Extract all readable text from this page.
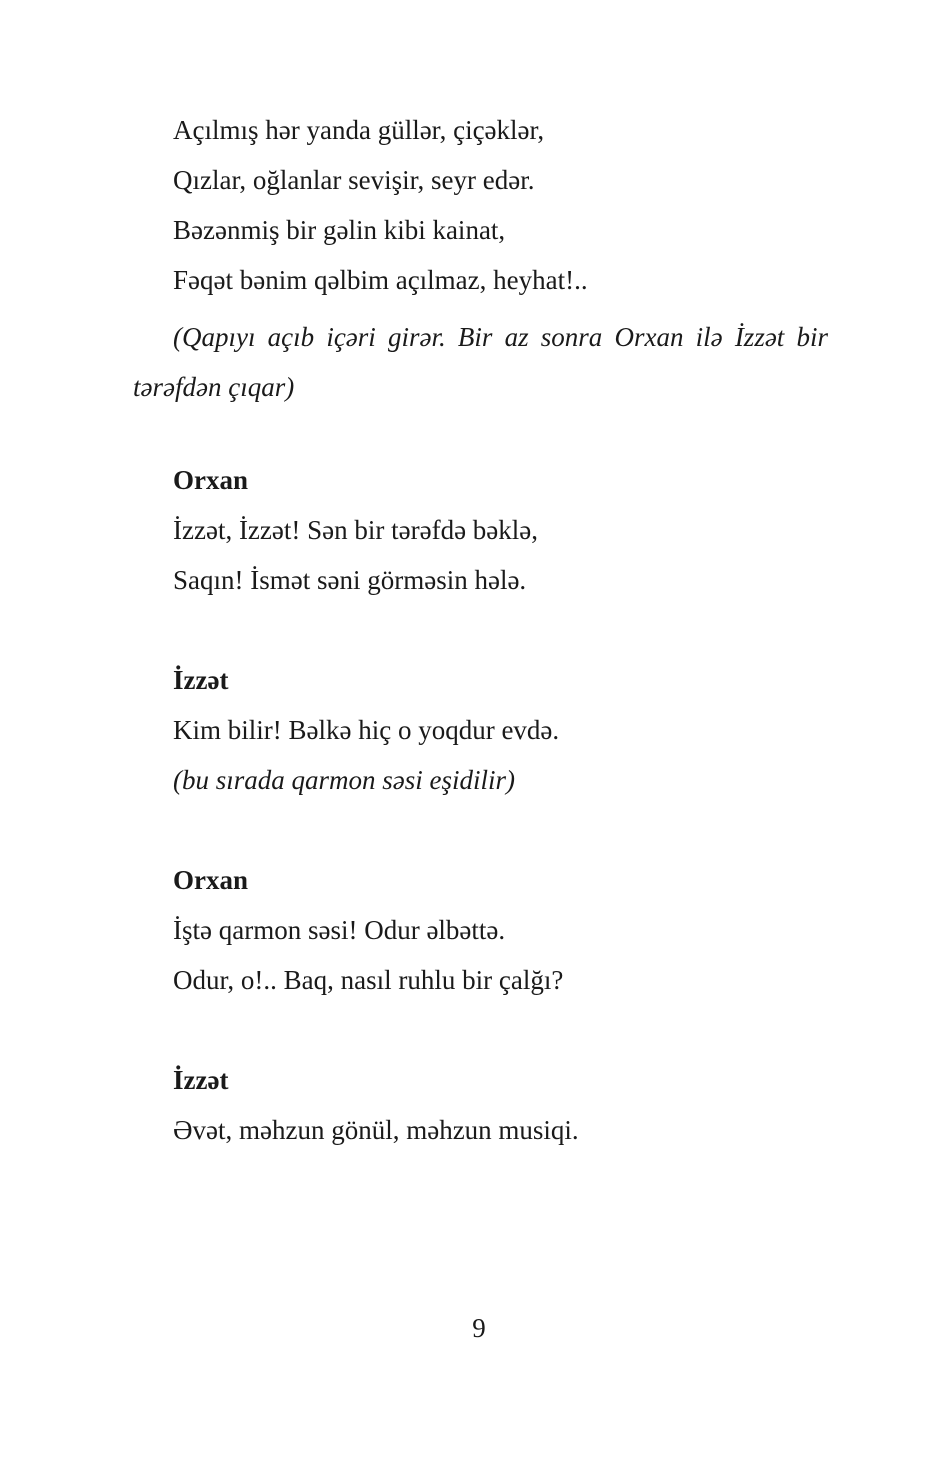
Açılmış hər yanda güllər, çiçəklər,
Qızlar, oğlanlar sevişir, seyr edər.
Bəzənmiş bir gəlin kibi kainat,
Fəqət bənim qəlbim açılmaz, heyhat!..
(Qapıyı açıb içəri girər. Bir az sonra Orxan ilə İzzət bir tərəfdən çıqar)
Orxan
İzzət, İzzət! Sən bir tərəfdə bəklə,
Saqın! İsmət səni görməsin hələ.
İzzət
Kim bilir! Bəlkə hiç o yoqdur evdə.
(bu sırada qarmon səsi eşidilir)
Orxan
İştə qarmon səsi! Odur əlbəttə.
Odur, o!.. Baq, nasıl ruhlu bir çalğı?
İzzət
Əvət, məhzun gönül, məhzun musiqi.
9
